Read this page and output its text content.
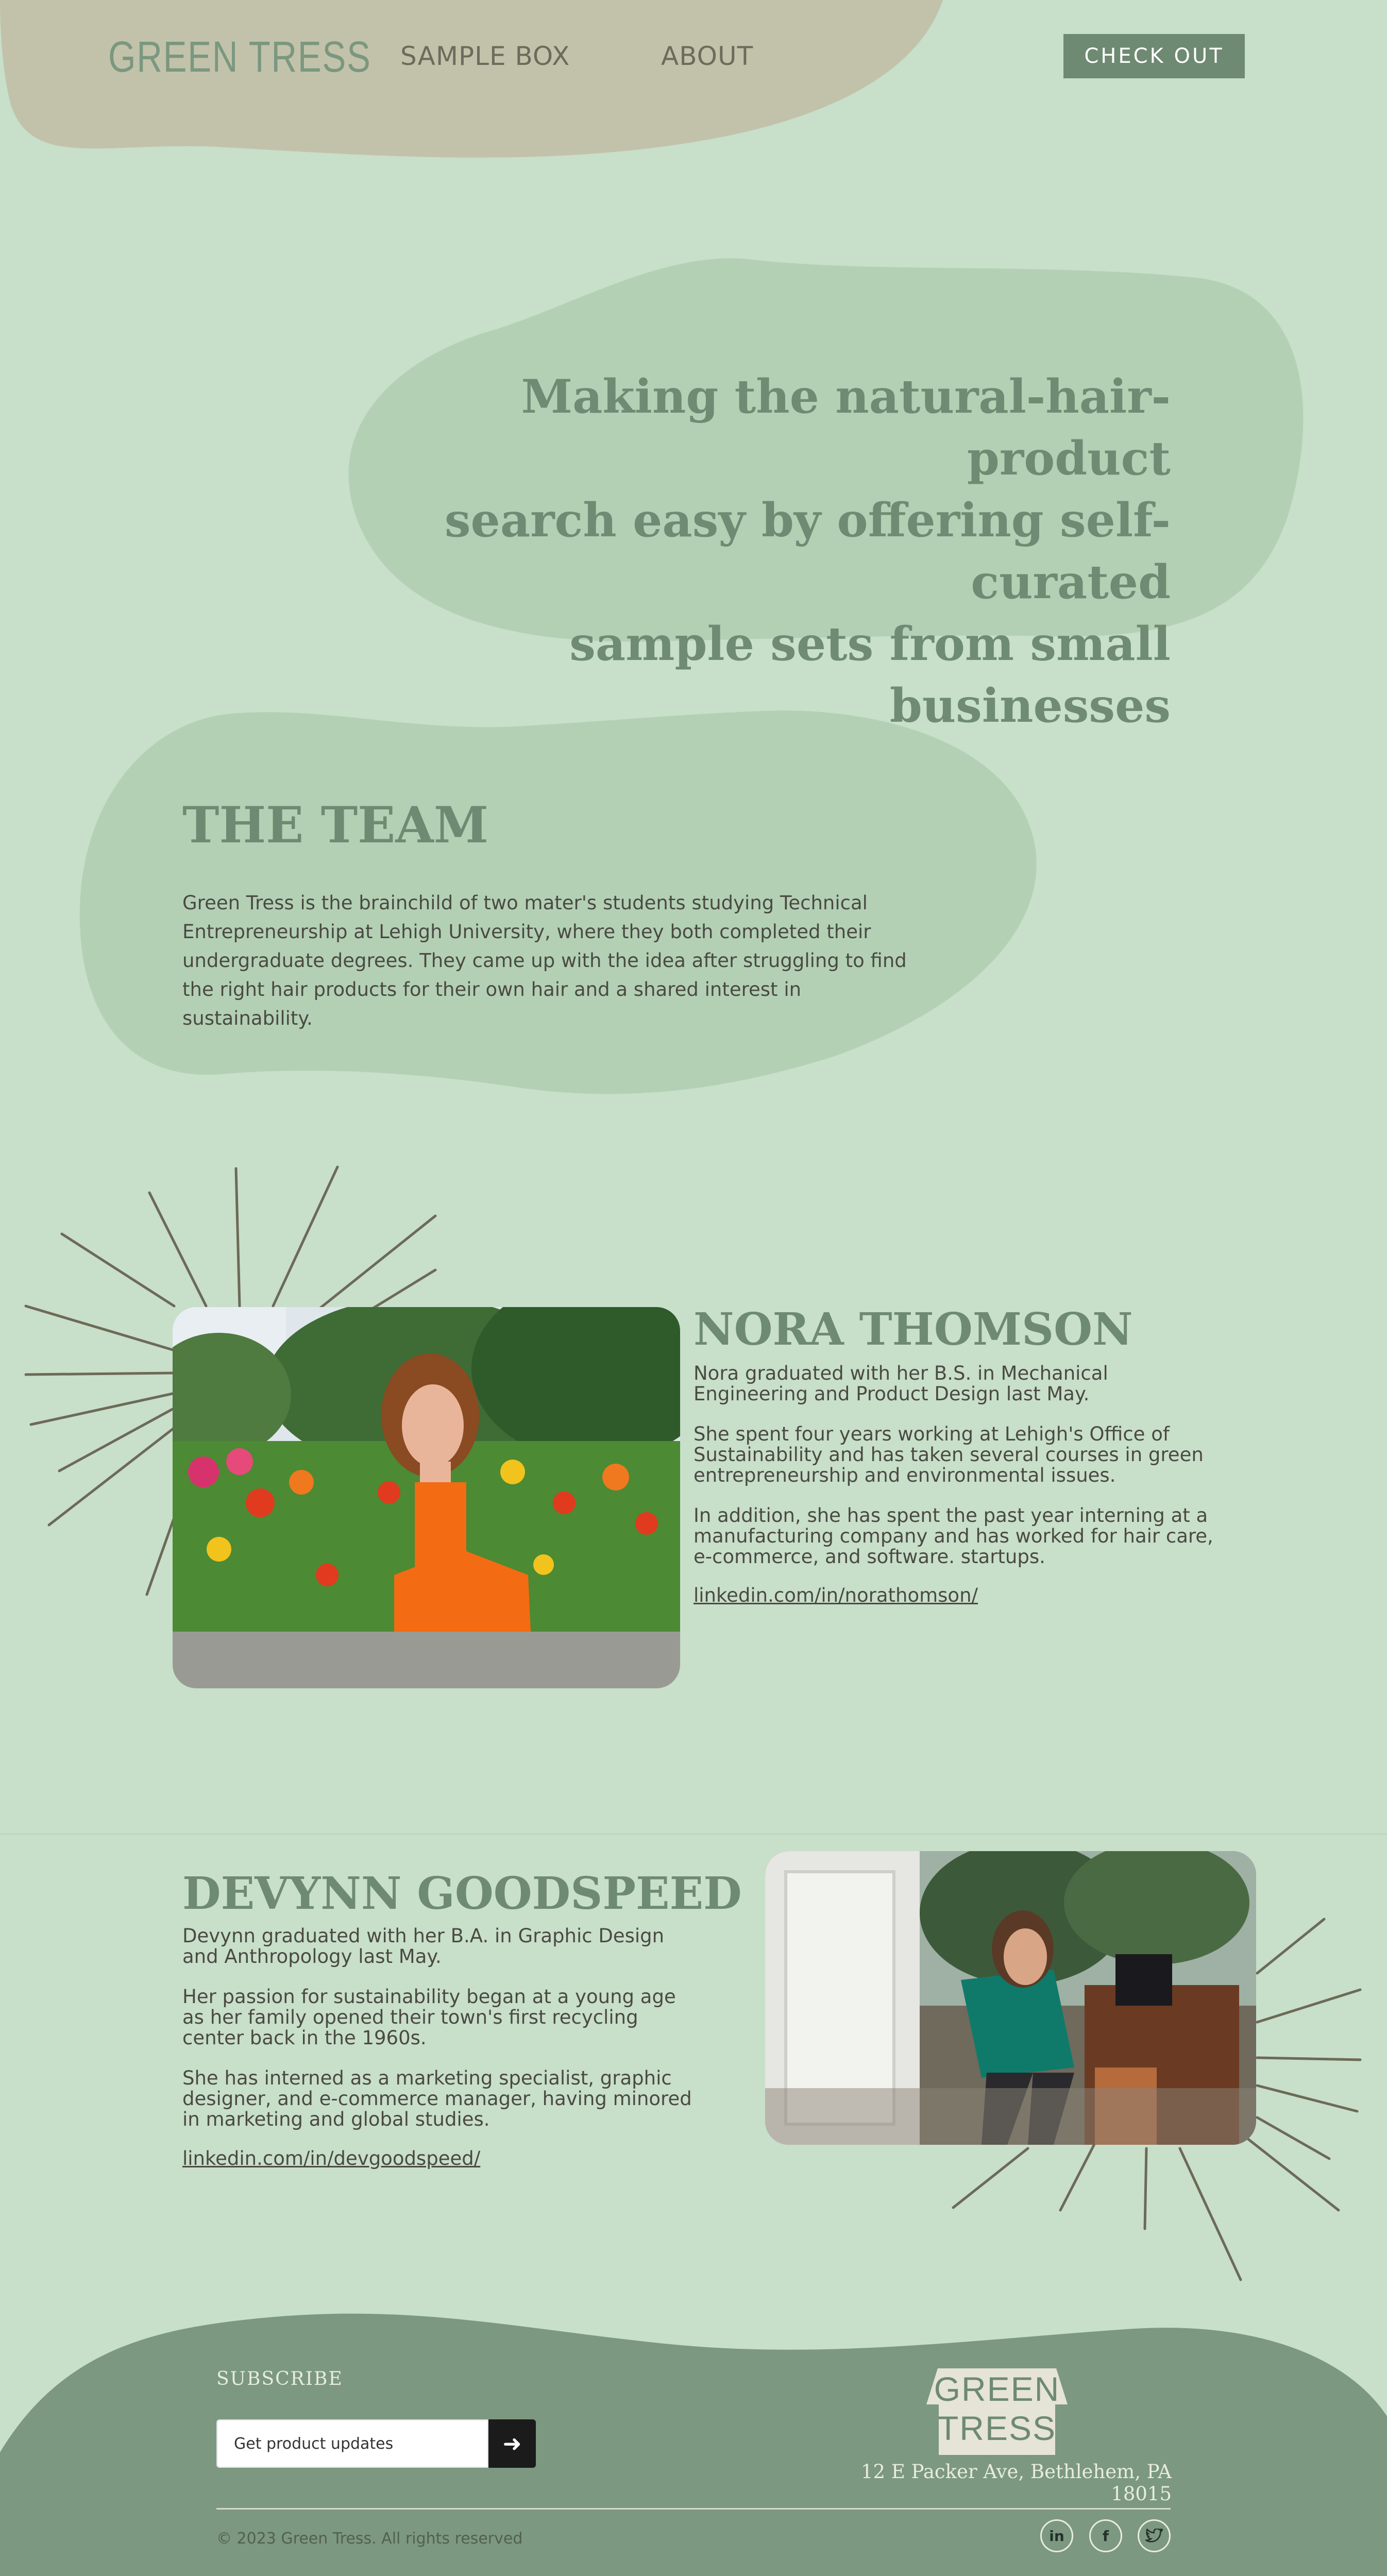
GREEN TRESS SAMPLE BOX	ABOUT	CHECK OUT
Making the natural-hair-product
search easy by offering self-curated
sample sets from small businesses
THE TEAM
Green Tress is the brainchild of two mater's students studying Technical Entrepreneurship at Lehigh University, where they both completed their undergraduate degrees. They came up with the idea after struggling to find the right hair products for their own hair and a shared interest in sustainability.
NORA THOMSON

Nora graduated with her B.S. in Mechanical Engineering and Product Design last May.

She spent four years working at Lehigh's Office of Sustainability and has taken several courses in green entrepreneurship and environmental issues.

In addition, she has spent the past year interning at a manufacturing company and has worked for hair care, e-commerce, and software. startups.

linkedin.com/in/norathomson/
DEVYNN GOODSPEED

Devynn graduated with her B.A. in Graphic Design and Anthropology last May.

Her passion for sustainability began at a young age as her family opened their town's first recycling center back in the 1960s.

She has interned as a marketing specialist, graphic designer, and e-commerce manager, having minored in marketing and global studies.

linkedin.com/in/devgoodspeed/
SUBSCRIBE
Get product updates	➜
GREEN
TRESS
12 E Packer Ave, Bethlehem, PA 18015
© 2023 Green Tress. All rights reserved	in	f
